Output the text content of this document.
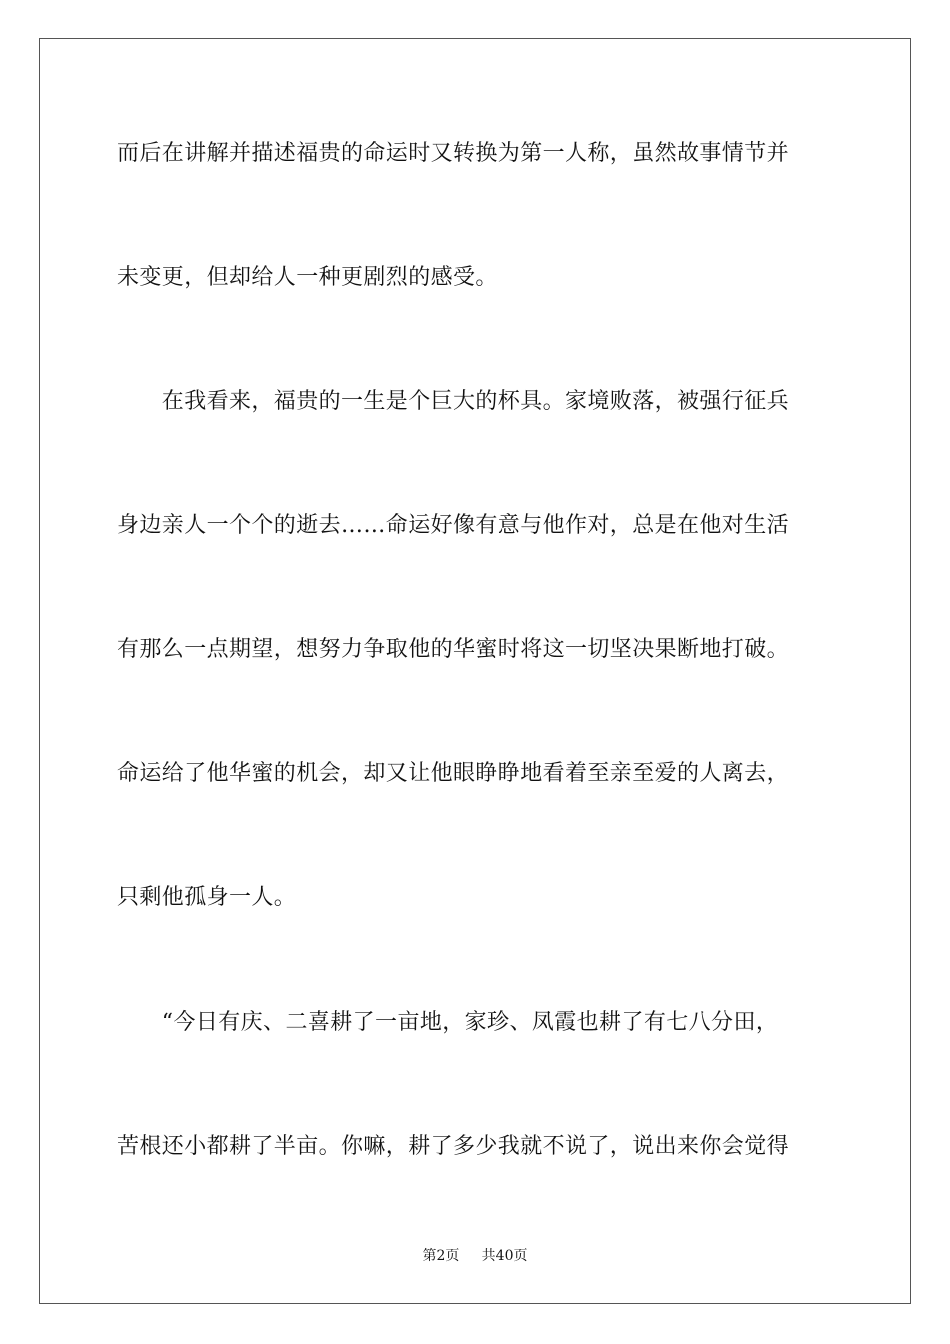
而后在讲解并描述福贵的命运时又转换为第一人称，虽然故事情节并
未变更，但却给人一种更剧烈的感受。
　　在我看来，福贵的一生是个巨大的杯具。家境败落，被强行征兵
身边亲人一个个的逝去……命运好像有意与他作对，总是在他对生活
有那么一点期望，想努力争取他的华蜜时将这一切坚决果断地打破。
命运给了他华蜜的机会，却又让他眼睁睁地看着至亲至爱的人离去，
只剩他孤身一人。
　　“今日有庆、二喜耕了一亩地，家珍、凤霞也耕了有七八分田，
苦根还小都耕了半亩。你嘛，耕了多少我就不说了，说出来你会觉得
第2页 共40页
